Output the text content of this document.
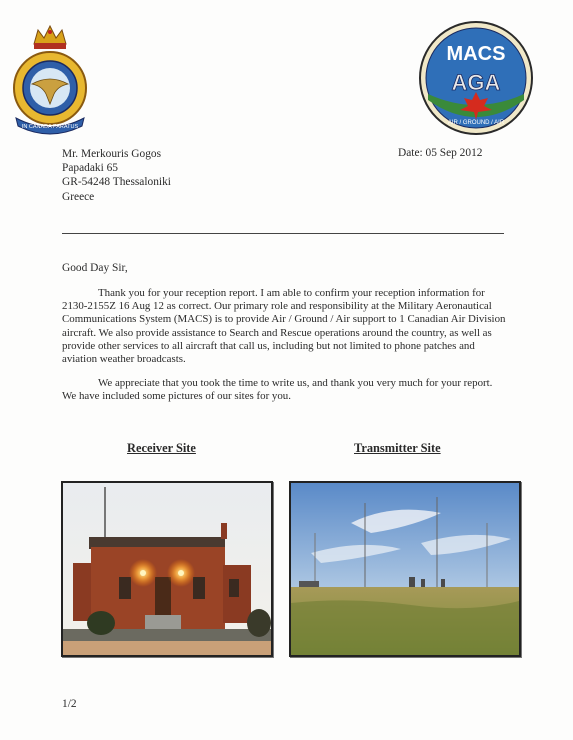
IN CANADA PARATUS
MACS
AGA
AIR / GROUND / AIR
Mr. Merkouris Gogos
Papadaki 65
GR-54248 Thessaloniki
Greece
Date: 05 Sep 2012
Good Day Sir,
Thank you for your reception report. I am able to confirm your reception information for 2130-2155Z 16 Aug 12 as correct. Our primary role and responsibility at the Military Aeronautical Communications System (MACS) is to provide Air / Ground / Air support to 1 Canadian Air Division aircraft. We also provide assistance to Search and Rescue operations around the country, as well as provide other services to all aircraft that call us, including but not limited to phone patches and aviation weather broadcasts.
We appreciate that you took the time to write us, and thank you very much for your report. We have included some pictures of our sites for you.
Receiver Site	Transmitter Site
1/2
